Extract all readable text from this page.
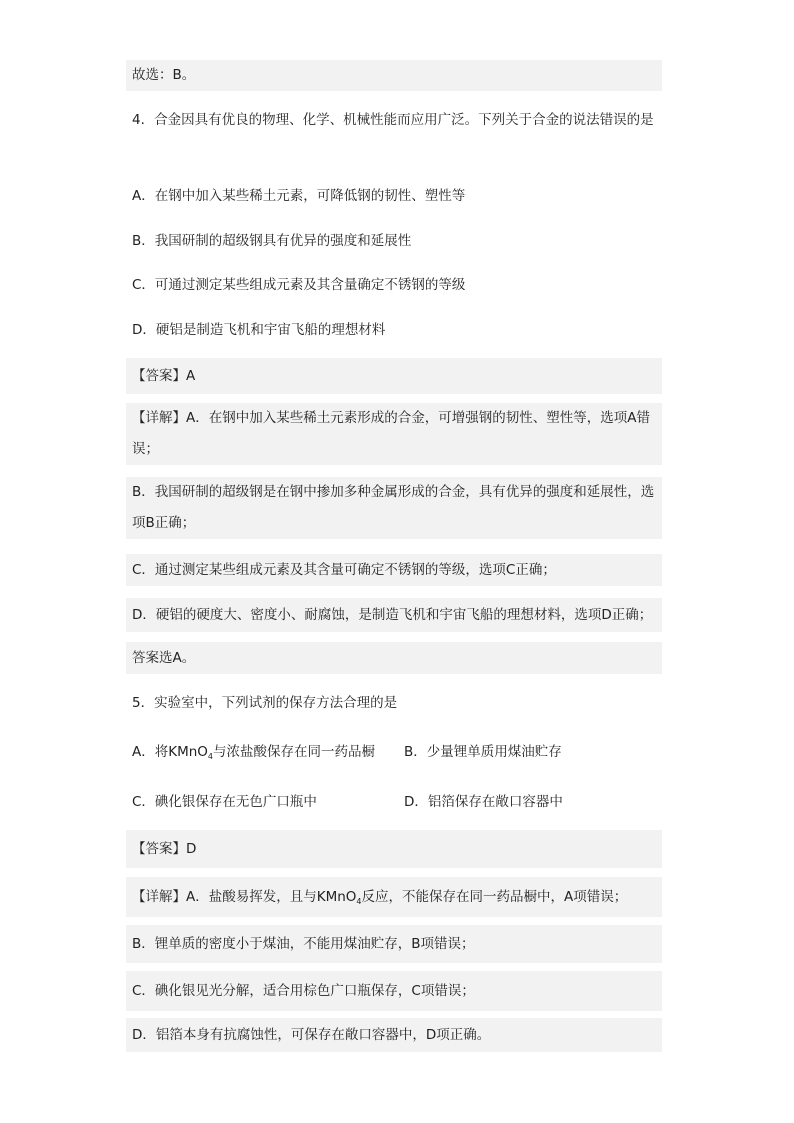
故选：B。
4．合金因具有优良的物理、化学、机械性能而应用广泛。下列关于合金的说法错误的是
A．在钢中加入某些稀土元素，可降低钢的韧性、塑性等
B．我国研制的超级钢具有优异的强度和延展性
C．可通过测定某些组成元素及其含量确定不锈钢的等级
D．硬铝是制造飞机和宇宙飞船的理想材料
【答案】A
【详解】A．在钢中加入某些稀土元素形成的合金，可增强钢的韧性、塑性等，选项A错误；
B．我国研制的超级钢是在钢中掺加多种金属形成的合金，具有优异的强度和延展性，选项B正确；
C．通过测定某些组成元素及其含量可确定不锈钢的等级，选项C正确；
D．硬铝的硬度大、密度小、耐腐蚀，是制造飞机和宇宙飞船的理想材料，选项D正确；
答案选A。
5．实验室中，下列试剂的保存方法合理的是
A．将KMnO$_4$与浓盐酸保存在同一药品橱 B．少量锂单质用煤油贮存
C．碘化银保存在无色广口瓶中	D．铝箔保存在敞口容器中
【答案】D
【详解】A．盐酸易挥发，且与KMnO$_4$反应，不能保存在同一药品橱中，A项错误；
B．锂单质的密度小于煤油，不能用煤油贮存，B项错误；
C．碘化银见光分解，适合用棕色广口瓶保存，C项错误；
D．铝箔本身有抗腐蚀性，可保存在敞口容器中，D项正确。
